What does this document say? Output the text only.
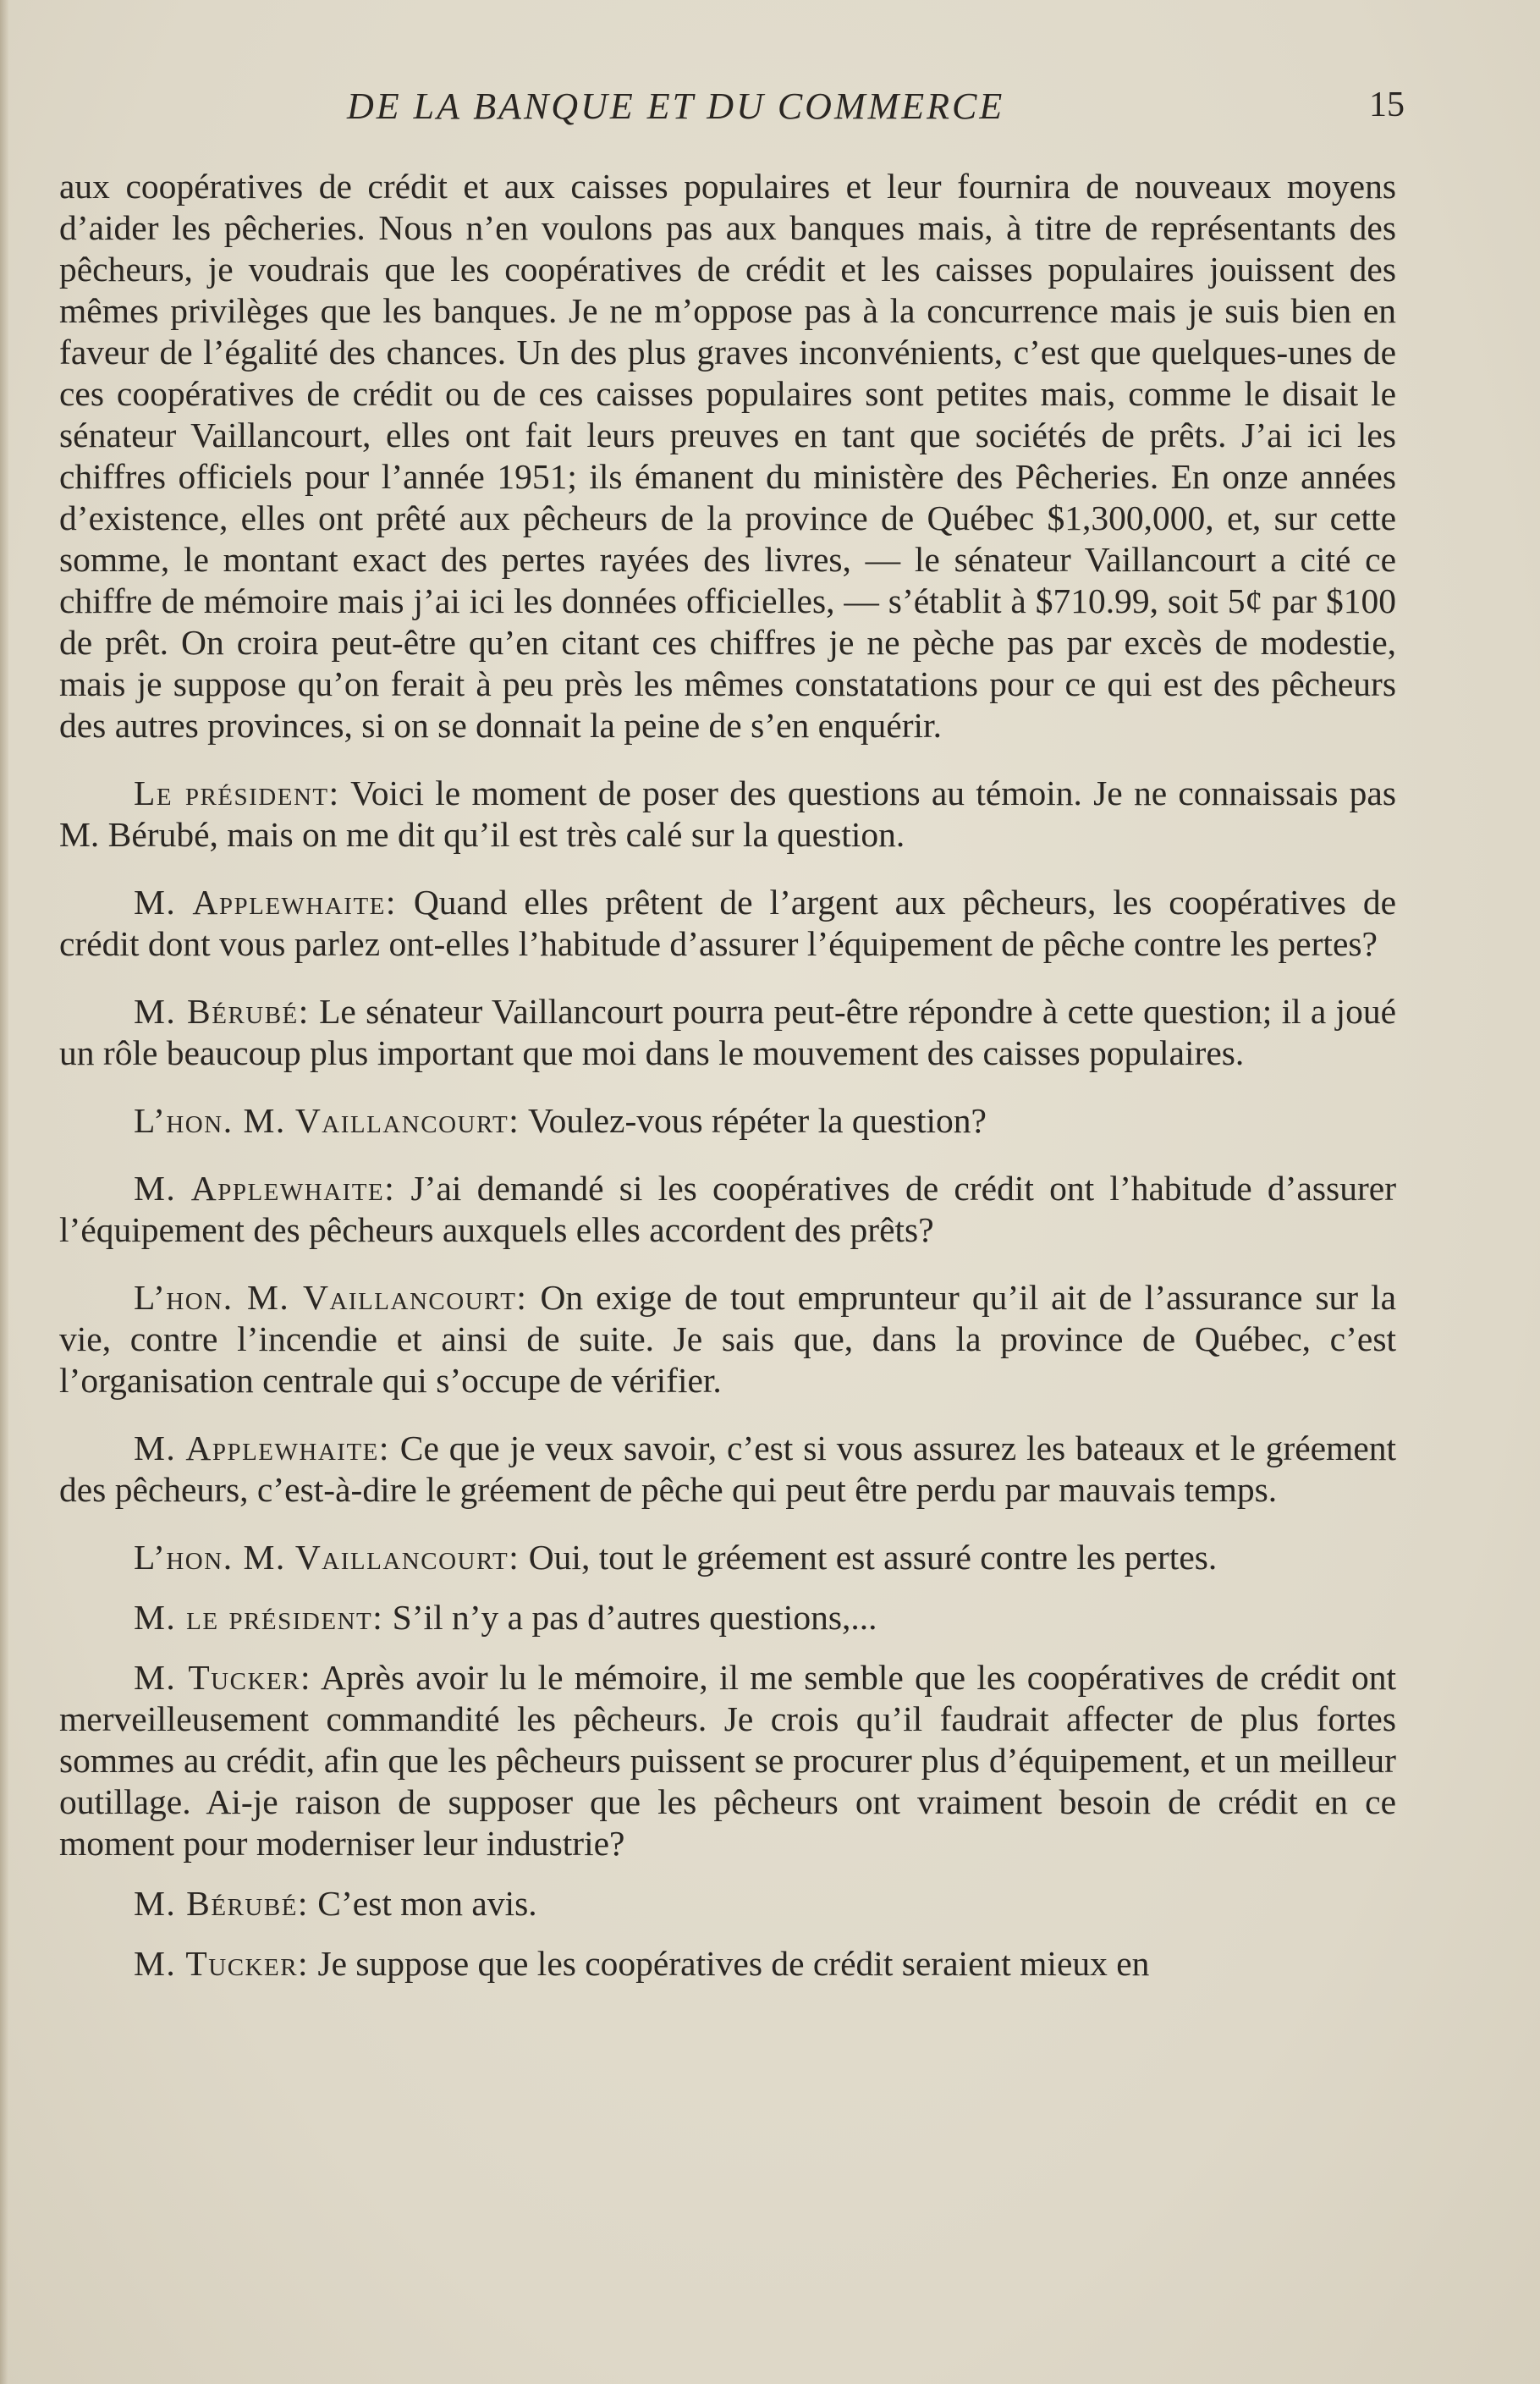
DE LA BANQUE ET DU COMMERCE	15

aux coopératives de crédit et aux caisses populaires et leur fournira de nouveaux moyens d’aider les pêcheries. Nous n’en voulons pas aux banques mais, à titre de représentants des pêcheurs, je voudrais que les coopératives de crédit et les caisses populaires jouissent des mêmes privilèges que les banques. Je ne m’oppose pas à la concurrence mais je suis bien en faveur de l’égalité des chances. Un des plus graves inconvénients, c’est que quelques-unes de ces coopératives de crédit ou de ces caisses populaires sont petites mais, comme le disait le sénateur Vaillancourt, elles ont fait leurs preuves en tant que sociétés de prêts. J’ai ici les chiffres officiels pour l’année 1951; ils émanent du ministère des Pêcheries. En onze années d’existence, elles ont prêté aux pêcheurs de la province de Québec $1,300,000, et, sur cette somme, le montant exact des pertes rayées des livres, — le sénateur Vaillancourt a cité ce chiffre de mémoire mais j’ai ici les données officielles, — s’établit à $710.99, soit 5¢ par $100 de prêt. On croira peut-être qu’en citant ces chiffres je ne pèche pas par excès de modestie, mais je suppose qu’on ferait à peu près les mêmes constatations pour ce qui est des pêcheurs des autres provinces, si on se donnait la peine de s’en enquérir.

Le président: Voici le moment de poser des questions au témoin. Je ne connaissais pas M. Bérubé, mais on me dit qu’il est très calé sur la question.

M. Applewhaite: Quand elles prêtent de l’argent aux pêcheurs, les coopératives de crédit dont vous parlez ont-elles l’habitude d’assurer l’équipement de pêche contre les pertes?

M. Bérubé: Le sénateur Vaillancourt pourra peut-être répondre à cette question; il a joué un rôle beaucoup plus important que moi dans le mouvement des caisses populaires.

L’hon. M. Vaillancourt: Voulez-vous répéter la question?

M. Applewhaite: J’ai demandé si les coopératives de crédit ont l’habitude d’assurer l’équipement des pêcheurs auxquels elles accordent des prêts?

L’hon. M. Vaillancourt: On exige de tout emprunteur qu’il ait de l’assurance sur la vie, contre l’incendie et ainsi de suite. Je sais que, dans la province de Québec, c’est l’organisation centrale qui s’occupe de vérifier.

M. Applewhaite: Ce que je veux savoir, c’est si vous assurez les bateaux et le gréement des pêcheurs, c’est-à-dire le gréement de pêche qui peut être perdu par mauvais temps.

L’hon. M. Vaillancourt: Oui, tout le gréement est assuré contre les pertes.

M. le président: S’il n’y a pas d’autres questions,...

M. Tucker: Après avoir lu le mémoire, il me semble que les coopératives de crédit ont merveilleusement commandité les pêcheurs. Je crois qu’il faudrait affecter de plus fortes sommes au crédit, afin que les pêcheurs puissent se procurer plus d’équipement, et un meilleur outillage. Ai-je raison de supposer que les pêcheurs ont vraiment besoin de crédit en ce moment pour moderniser leur industrie?

M. Bérubé: C’est mon avis.

M. Tucker: Je suppose que les coopératives de crédit seraient mieux en
